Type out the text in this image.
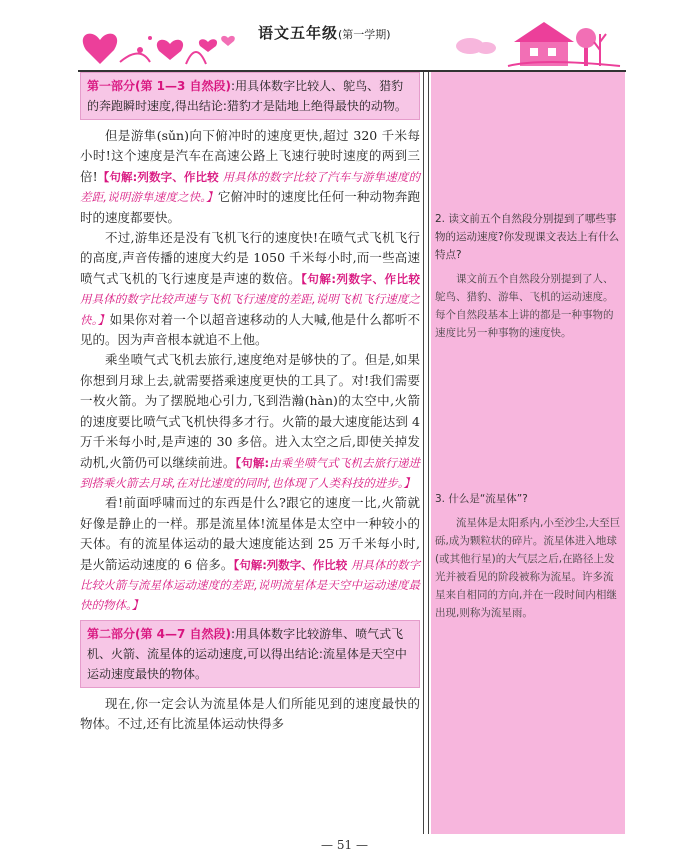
语文五年级(第一学期)
第一部分(第 1—3 自然段):用具体数字比较人、鸵鸟、猎豹的奔跑瞬时速度,得出结论:猎豹才是陆地上绝得最快的动物。

但是游隼(sǔn)向下俯冲时的速度更快,超过 320 千米每小时!这个速度是汽车在高速公路上飞速行驶时速度的两到三倍!【句解:列数字、作比较 用具体的数字比较了汽车与游隼速度的差距,说明游隼速度之快。】它俯冲时的速度比任何一种动物奔跑时的速度都要快。

不过,游隼还是没有飞机飞行的速度快!在喷气式飞机飞行的高度,声音传播的速度大约是 1050 千米每小时,而一些高速喷气式飞机的飞行速度是声速的数倍。【句解:列数字、作比较 用具体的数字比较声速与飞机飞行速度的差距,说明飞机飞行速度之快。】如果你对着一个以超音速移动的人大喊,他是什么都听不见的。因为声音根本就追不上他。

乘坐喷气式飞机去旅行,速度绝对是够快的了。但是,如果你想到月球上去,就需要搭乘速度更快的工具了。对!我们需要一枚火箭。为了摆脱地心引力,飞到浩瀚(hàn)的太空中,火箭的速度要比喷气式飞机快得多才行。火箭的最大速度能达到 4 万千米每小时,是声速的 30 多倍。进入太空之后,即使关掉发动机,火箭仍可以继续前进。【句解:由乘坐喷气式飞机去旅行递进到搭乘火箭去月球,在对比速度的同时,也体现了人类科技的进步。】

看!前面呼啸而过的东西是什么?跟它的速度一比,火箭就好像是静止的一样。那是流星体!流星体是太空中一种较小的天体。有的流星体运动的最大速度能达到 25 万千米每小时,是火箭运动速度的 6 倍多。【句解:列数字、作比较 用具体的数字比较火箭与流星体运动速度的差距,说明流星体是天空中运动速度最快的物体。】

第二部分(第 4—7 自然段):用具体数字比较游隼、喷气式飞机、火箭、流星体的运动速度,可以得出结论:流星体是天空中运动速度最快的物体。

现在,你一定会认为流星体是人们所能见到的速度最快的物体。不过,还有比流星体运动快得多

2. 读文前五个自然段分别提到了哪些事物的运动速度?你发现课文表达上有什么特点?

课文前五个自然段分别提到了人、鸵鸟、猎豹、游隼、飞机的运动速度。每个自然段基本上讲的都是一种事物的速度比另一种事物的速度快。

3. 什么是“流星体”?

流星体是太阳系内,小至沙尘,大至巨砾,成为颗粒状的碎片。流星体进入地球(或其他行星)的大气层之后,在路径上发光并被看见的阶段被称为流星。许多流星来自相同的方向,并在一段时间内相继出现,则称为流星雨。

— 51 —
